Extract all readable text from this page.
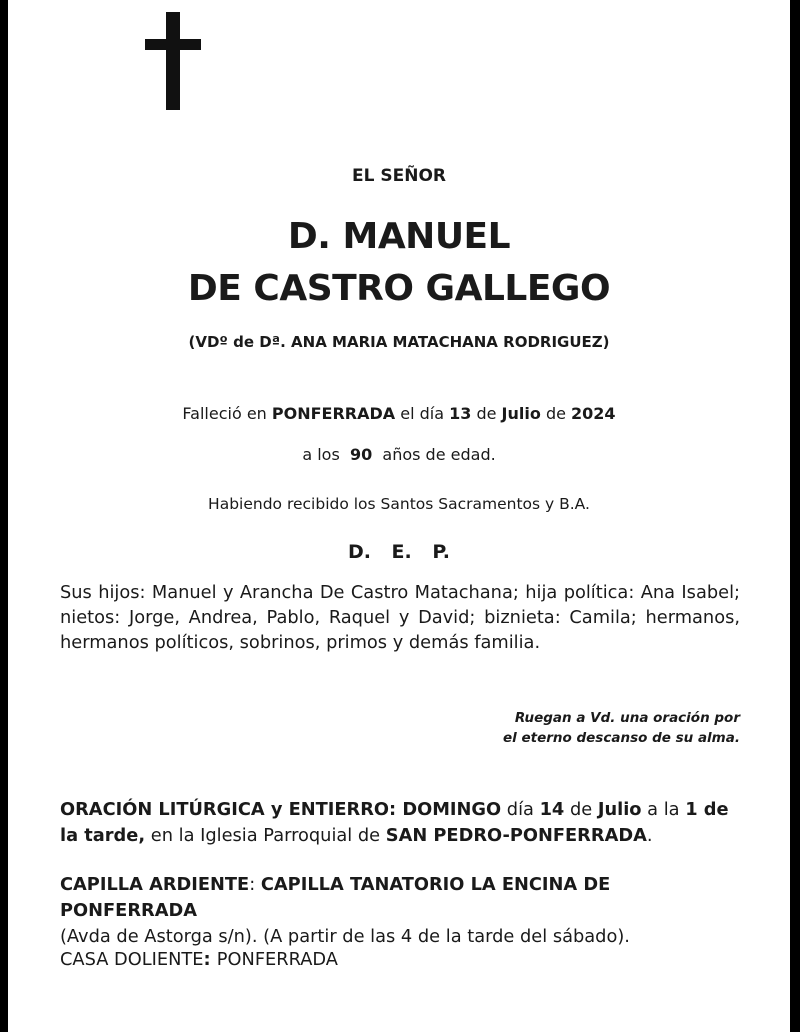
EL SEÑOR
D. MANUEL
DE CASTRO GALLEGO
(VDº de Dª. ANA MARIA MATACHANA RODRIGUEZ)
Falleció en PONFERRADA el día 13 de Julio de 2024
a los  90  años de edad.
Habiendo recibido los Santos Sacramentos y B.A.
D. E. P.
Sus hijos: Manuel y Arancha De Castro Matachana; hija política: Ana Isabel; nietos: Jorge, Andrea, Pablo, Raquel y David; biznieta: Camila; hermanos, hermanos políticos, sobrinos, primos y demás familia.
Ruegan a Vd. una oración por
el eterno descanso de su alma.
ORACIÓN LITÚRGICA y ENTIERRO: DOMINGO día 14 de Julio a la 1 de la tarde, en la Iglesia Parroquial de SAN PEDRO-PONFERRADA.
CAPILLA ARDIENTE: CAPILLA TANATORIO LA ENCINA DE PONFERRADA
(Avda de Astorga s/n). (A partir de las 4 de la tarde del sábado).
CASA DOLIENTE: PONFERRADA
